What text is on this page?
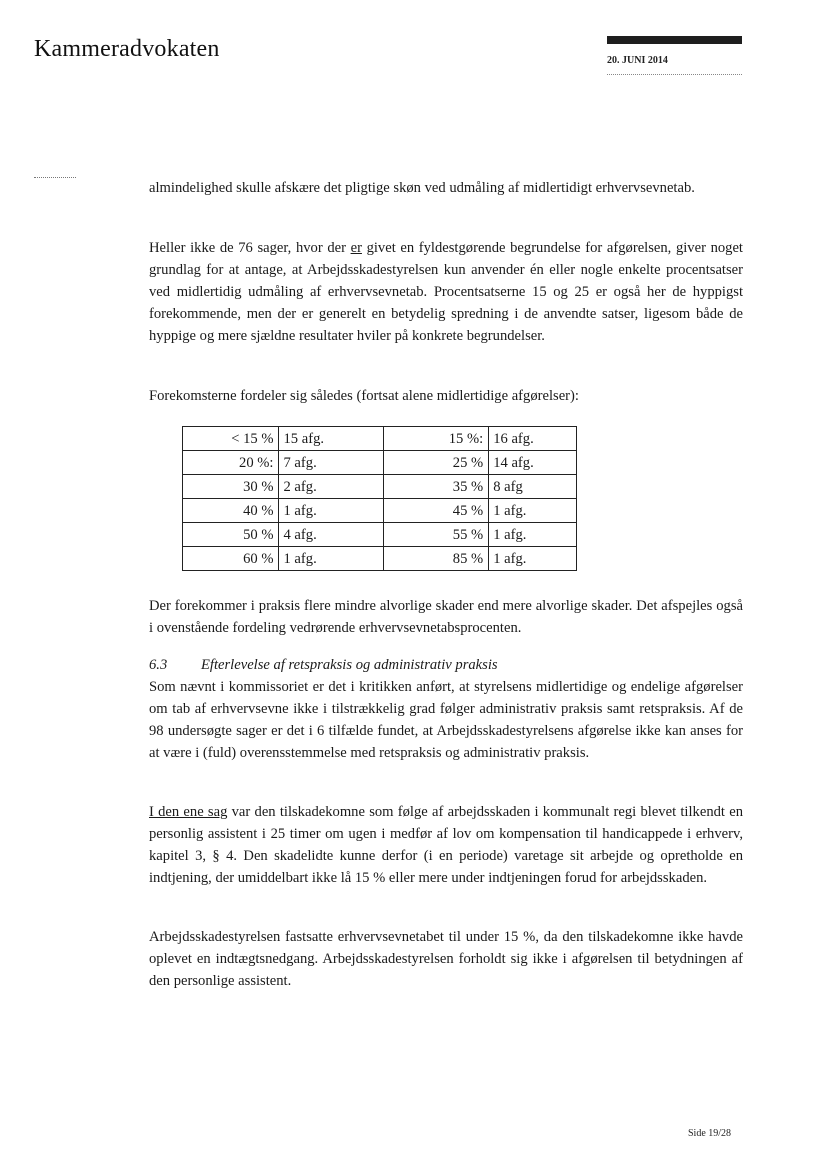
Kammeradvokaten	20. JUNI 2014

almindelighed skulle afskære det pligtige skøn ved udmåling af midlertidigt erhvervsevnetab.

Heller ikke de 76 sager, hvor der er givet en fyldestgørende begrundelse for afgørelsen, giver noget grundlag for at antage, at Arbejdsskadestyrelsen kun anvender én eller nogle enkelte procentsatser ved midlertidig udmåling af erhvervsevnetab. Procentsatserne 15 og 25 er også her de hyppigst forekommende, men der er generelt en betydelig spredning i de anvendte satser, ligesom både de hyppige og mere sjældne resultater hviler på konkrete begrundelser.

Forekomsterne fordeler sig således (fortsat alene midlertidige afgørelser):

< 15 %	15 afg.	15 %:	16 afg.
20 %:	7 afg.	25 %	14 afg.
30 %	2 afg.	35 %	8 afg
40 %	1 afg.	45 %	1 afg.
50 %	4 afg.	55 %	1 afg.
60 %	1 afg.	85 %	1 afg.

Der forekommer i praksis flere mindre alvorlige skader end mere alvorlige skader. Det afspejles også i ovenstående fordeling vedrørende erhvervsevnetabsprocenten.

6.3 Efterlevelse af retspraksis og administrativ praksis

Som nævnt i kommissoriet er det i kritikken anført, at styrelsens midlertidige og endelige afgørelser om tab af erhvervsevne ikke i tilstrækkelig grad følger administrativ praksis samt retspraksis. Af de 98 undersøgte sager er det i 6 tilfælde fundet, at Arbejdsskadestyrelsens afgørelse ikke kan anses for at være i (fuld) overensstemmelse med retspraksis og administrativ praksis.

I den ene sag var den tilskadekomne som følge af arbejdsskaden i kommunalt regi blevet tilkendt en personlig assistent i 25 timer om ugen i medfør af lov om kompensation til handicappede i erhverv, kapitel 3, § 4. Den skadelidte kunne derfor (i en periode) varetage sit arbejde og opretholde en indtjening, der umiddelbart ikke lå 15 % eller mere under indtjeningen forud for arbejdsskaden.

Arbejdsskadestyrelsen fastsatte erhvervsevnetabet til under 15 %, da den tilskadekomne ikke havde oplevet en indtægtsnedgang. Arbejdsskadestyrelsen forholdt sig ikke i afgørelsen til betydningen af den personlige assistent.

Side 19/28
